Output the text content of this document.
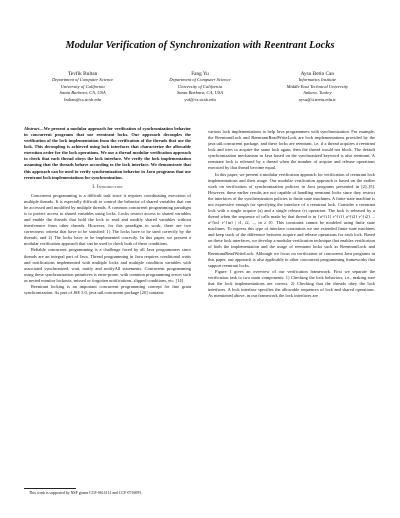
Modular Verification of Synchronization with Reentrant Locks
Tevfik Bultan
Department of Computer Science
University of California
Santa Barbara, CA, USA
bultan@cs.ucsb.edu
Fang Yu
Department of Computer Science
University of California
Santa Barbara, CA, USA
yuf@cs.ucsb.edu
Aysu Betin Can
Informatics Institute
Middle East Technical University
Ankara, Turkey
aysu@ii.metu.edu.tr

Abstract—We present a modular approach for verification of synchronization behavior in concurrent programs that use reentrant locks. Our approach decouples the verification of the lock implementation from the verification of the threads that use the lock. This decoupling is achieved using lock interfaces that characterize the allowable execution order for the lock operations. We use a thread modular verification approach to check that each thread obeys the lock interface. We verify the lock implementation assuming that the threads behave according to the lock interface. We demonstrate that this approach can be used to verify synchronization behavior in Java programs that use reentrant lock implementations for synchronization.

I. Introduction

Concurrent programming is a difficult task since it requires coordinating execution of multiple threads. It is especially difficult to control the behavior of shared variables that can be accessed and modified by multiple threads. A common concurrent programming paradigm is to protect access to shared variables using locks. Locks restrict access to shared variables and enable the threads that hold the lock to read and modify shared variables without interference from other threads. However, for this paradigm to work, there are two correctness criteria that have to be satisfied: 1) The locks have to be used correctly by the threads, and 2) The locks have to be implemented correctly. In this paper, we present a modular verification approach that can be used to check both of these conditions.

Reliable concurrent programming is a challenge faced by all Java programmers since threads are an integral part of Java. Thread programming in Java requires conditional waits and notifications implemented with multiple locks and multiple condition variables with associated synchronized, wait, notify and notifyAll statements. Concurrent programming using these synchronization primitives is error-prone, with common programming errors such as nested monitor lockouts, missed or forgotten notifications, slipped conditions, etc. [14].

Reentrant locking is an important concurrent programming concept for fine grain synchronization. As part of JSE 5.0, java.util.concurrent package [20] contains

various lock implementations to help Java programmers with synchronization. For example, the ReentrantLock and ReentrantReadWriteLock are lock implementations provided by the java.util.concurrent package, and these locks are reentrant, i.e, if a thread acquires a reentrant lock and tries to acquire the same lock again, then the thread would not block. The default synchronization mechanism in Java based on the synchronized keyword is also reentrant. A reentrant lock is released by a thread when the number of acquire and release operations executed by that thread become equal.

In this paper, we present a modular verification approach for verification of reentrant lock implementations and their usage. Our modular verification approach is based on the earlier work on verification of synchronization policies in Java programs presented in [2]–[5]. However, these earlier results are not capable of handling reentrant locks since they restrict the interfaces of the synchronization policies to finite state machines. A finite state machine is not expressive enough for specifying the interface of a reentrant lock. Consider a reentrant lock with a single acquire (a) and a single release (r) operation. The lock is released by a thread when the sequence of calls made by that thread is in {a^{i1} r^{i1} a^{i2} r^{i2} ... a^{in} r^{in} | i1, i2, ..., in ≥ 0}. This constraint cannot be modeled using finite state machines. To express this type of interface constraints we use extended finite state machines and keep track of the difference between acquire and release operations for each lock. Based on these lock interfaces, we develop a modular verification technique that enables verification of both the implementation and the usage of reentrant locks such as ReentrantLock and ReentrantReadWriteLock. Although we focus on verification of concurrent Java programs in this paper, our approach is also applicable to other concurrent programming frameworks that support reentrant locks.

Figure 1 gives an overview of our verification framework. First we separate the verification task to two main components: 1) Checking the lock behaviors, i.e., making sure that the lock implementations are correct. 2) Checking that the threads obey the lock interfaces. A lock interface specifies the allowable sequences of lock and shared operations. As mentioned above, in our framework the lock interfaces are

This work is supported by NSF grants CCF-0614112 and CCF-0716095.
